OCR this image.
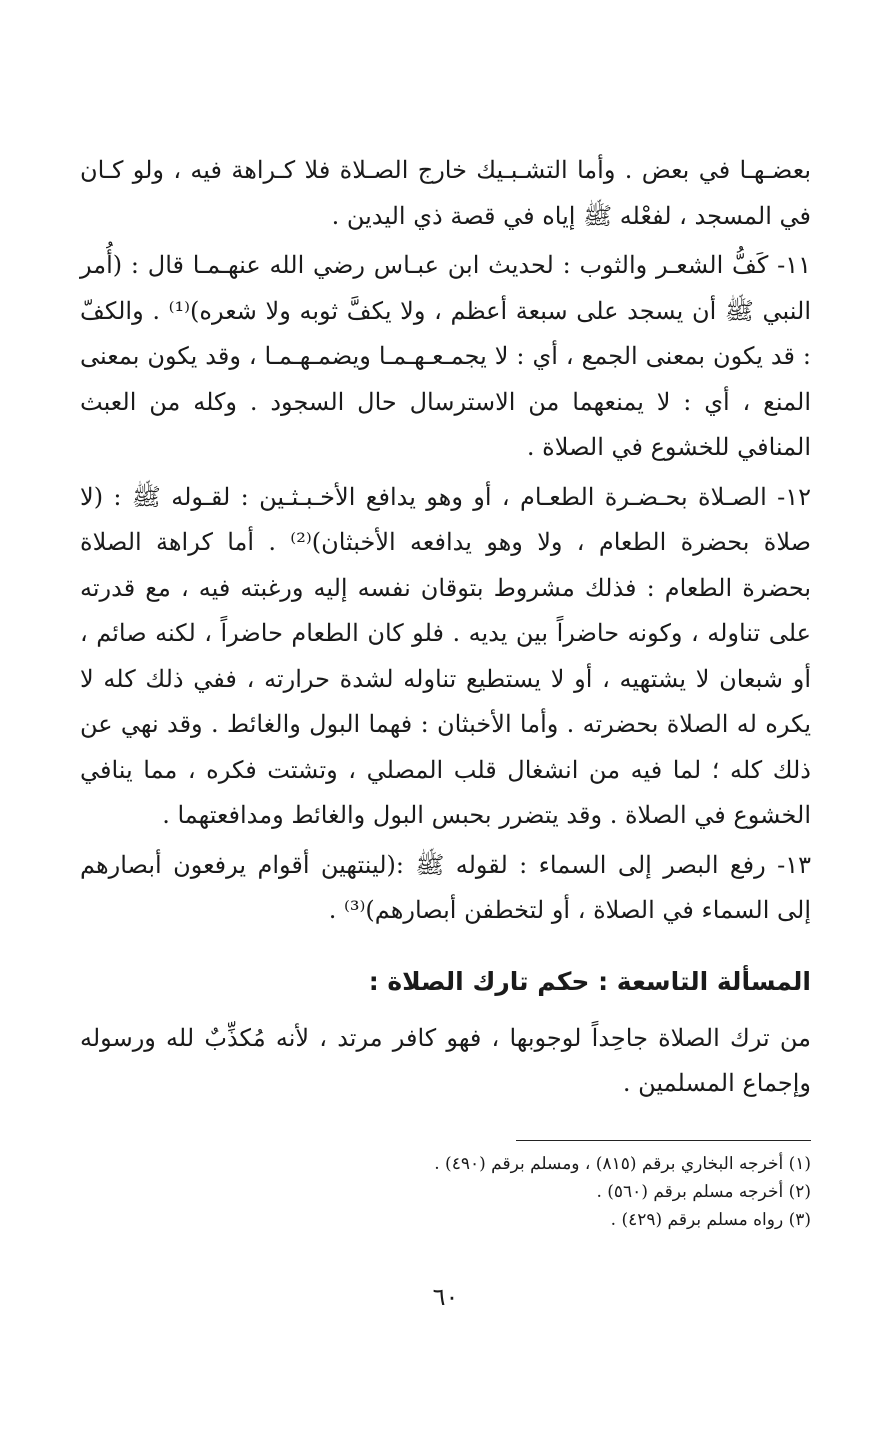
بعضـهـا في بعض . وأما التشـبـيك خارج الصـلاة فلا كـراهة فيه ، ولو كـان في المسجد ، لفعْله ﷺ إياه في قصة ذي اليدين .

١١- كَفُّ الشعـر والثوب : لحديث ابن عبـاس رضي الله عنهـمـا قال : (أُمر النبي ﷺ أن يسجد على سبعة أعظم ، ولا يكفَّ ثوبه ولا شعره)⁽¹⁾ . والكفّ : قد يكون بمعنى الجمع ، أي : لا يجمـعـهـمـا ويضمـهـمـا ، وقد يكون بمعنى المنع ، أي : لا يمنعهما من الاسترسال حال السجود . وكله من العبث المنافي للخشوع في الصلاة .

١٢- الصـلاة بحـضـرة الطعـام ، أو وهو يدافع الأخـبـثـين : لقـوله ﷺ : (لا صلاة بحضرة الطعام ، ولا وهو يدافعه الأخبثان)⁽²⁾ . أما كراهة الصلاة بحضرة الطعام : فذلك مشروط بتوقان نفسه إليه ورغبته فيه ، مع قدرته على تناوله ، وكونه حاضراً بين يديه . فلو كان الطعام حاضراً ، لكنه صائم ، أو شبعان لا يشتهيه ، أو لا يستطيع تناوله لشدة حرارته ، ففي ذلك كله لا يكره له الصلاة بحضرته . وأما الأخبثان : فهما البول والغائط . وقد نهي عن ذلك كله ؛ لما فيه من انشغال قلب المصلي ، وتشتت فكره ، مما ينافي الخشوع في الصلاة . وقد يتضرر بحبس البول والغائط ومدافعتهما .

١٣- رفع البصر إلى السماء : لقوله ﷺ :(لينتهين أقوام يرفعون أبصارهم إلى السماء في الصلاة ، أو لتخطفن أبصارهم)⁽³⁾ .

المسألة التاسعة : حكم تارك الصلاة :

من ترك الصلاة جاحِداً لوجوبها ، فهو كافر مرتد ، لأنه مُكذِّبٌ لله ورسوله وإجماع المسلمين .

(١) أخرجه البخاري برقم (٨١٥) ، ومسلم برقم (٤٩٠) .

(٢) أخرجه مسلم برقم (٥٦٠) .

(٣) رواه مسلم برقم (٤٢٩) .

٦٠
